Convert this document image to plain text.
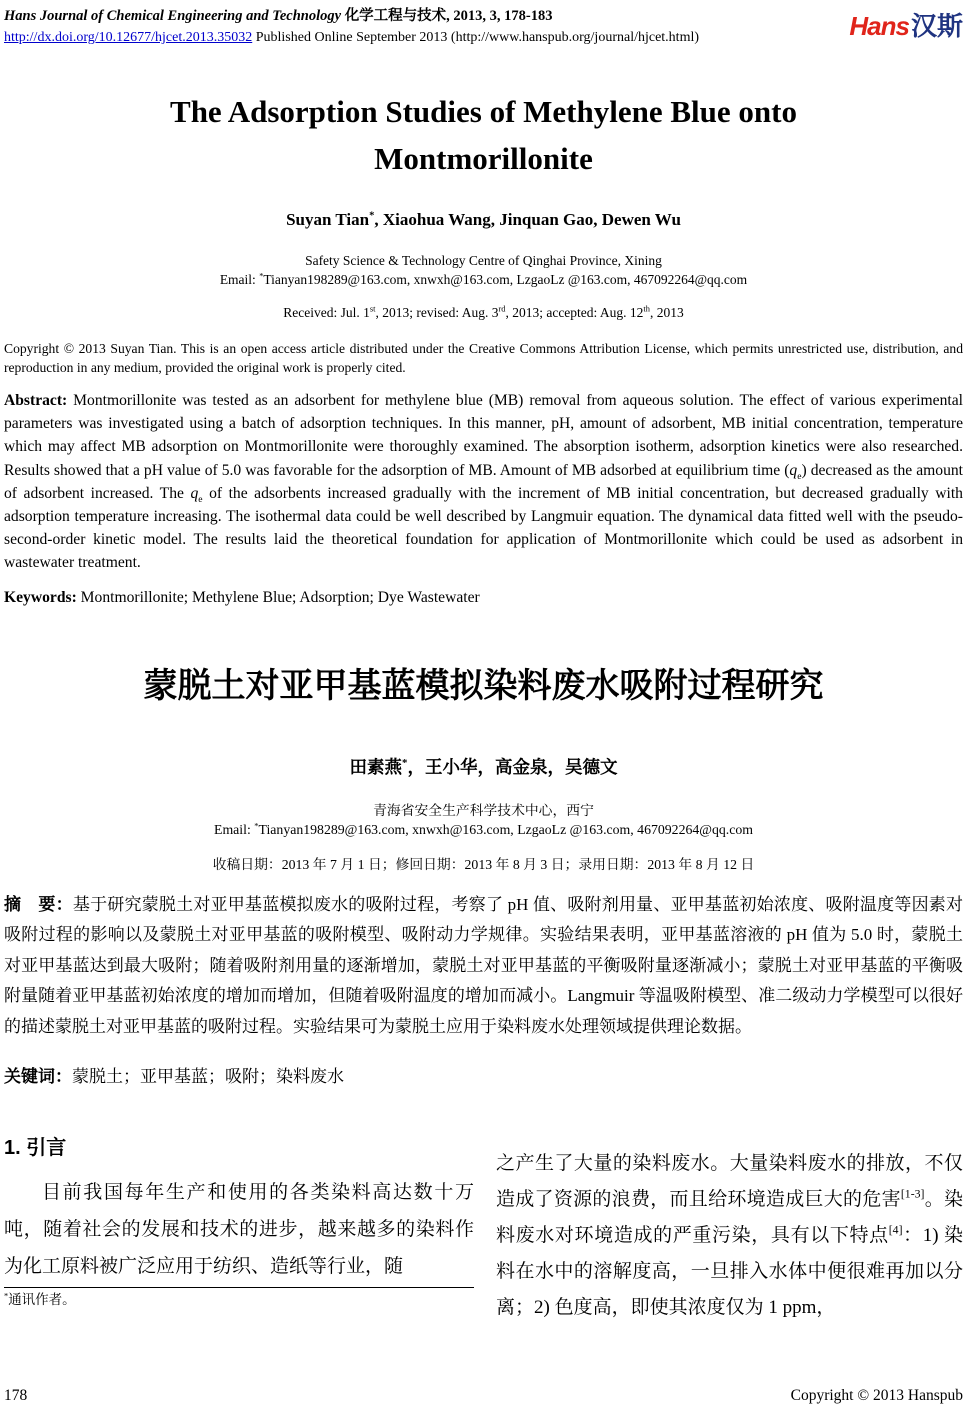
Hans Journal of Chemical Engineering and Technology 化学工程与技术, 2013, 3, 178-183
http://dx.doi.org/10.12677/hjcet.2013.35032 Published Online September 2013 (http://www.hanspub.org/journal/hjcet.html)	Hans汉斯
The Adsorption Studies of Methylene Blue onto
Montmorillonite
Suyan Tian*, Xiaohua Wang, Jinquan Gao, Dewen Wu
Safety Science & Technology Centre of Qinghai Province, Xining
Email: *Tianyan198289@163.com, xnwxh@163.com, LzgaoLz @163.com, 467092264@qq.com
Received: Jul. 1st, 2013; revised: Aug. 3rd, 2013; accepted: Aug. 12th, 2013
Copyright © 2013 Suyan Tian. This is an open access article distributed under the Creative Commons Attribution License, which permits unrestricted use, distribution, and reproduction in any medium, provided the original work is properly cited.
Abstract: Montmorillonite was tested as an adsorbent for methylene blue (MB) removal from aqueous solution. The effect of various experimental parameters was investigated using a batch of adsorption techniques. In this manner, pH, amount of adsorbent, MB initial concentration, temperature which may affect MB adsorption on Montmorillonite were thoroughly examined. The absorption isotherm, adsorption kinetics were also researched. Results showed that a pH value of 5.0 was favorable for the adsorption of MB. Amount of MB adsorbed at equilibrium time $(q_e)$ decreased as the amount of adsorbent increased. The $q_e$ of the adsorbents increased gradually with the increment of MB initial concentration, but decreased gradually with adsorption temperature increasing. The isothermal data could be well described by Langmuir equation. The dynamical data fitted well with the pseudo-second-order kinetic model. The results laid the theoretical foundation for application of Montmorillonite which could be used as adsorbent in wastewater treatment.
Keywords: Montmorillonite; Methylene Blue; Adsorption; Dye Wastewater
蒙脱土对亚甲基蓝模拟染料废水吸附过程研究
田素燕*，王小华，高金泉，吴德文
青海省安全生产科学技术中心，西宁
Email: *Tianyan198289@163.com, xnwxh@163.com, LzgaoLz @163.com, 467092264@qq.com
收稿日期：2013 年 7 月 1 日；修回日期：2013 年 8 月 3 日；录用日期：2013 年 8 月 12 日
摘　要：基于研究蒙脱土对亚甲基蓝模拟废水的吸附过程，考察了 pH 值、吸附剂用量、亚甲基蓝初始浓度、吸附温度等因素对吸附过程的影响以及蒙脱土对亚甲基蓝的吸附模型、吸附动力学规律。实验结果表明，亚甲基蓝溶液的 pH 值为 5.0 时，蒙脱土对亚甲基蓝达到最大吸附；随着吸附剂用量的逐渐增加，蒙脱土对亚甲基蓝的平衡吸附量逐渐减小；蒙脱土对亚甲基蓝的平衡吸附量随着亚甲基蓝初始浓度的增加而增加，但随着吸附温度的增加而减小。Langmuir 等温吸附模型、准二级动力学模型可以很好的描述蒙脱土对亚甲基蓝的吸附过程。实验结果可为蒙脱土应用于染料废水处理领域提供理论数据。
关键词：蒙脱土；亚甲基蓝；吸附；染料废水
1. 引言
目前我国每年生产和使用的各类染料高达数十万吨，随着社会的发展和技术的进步，越来越多的染料作为化工原料被广泛应用于纺织、造纸等行业，随
*通讯作者。
之产生了大量的染料废水。大量染料废水的排放，不仅造成了资源的浪费，而且给环境造成巨大的危害[1-3]。染料废水对环境造成的严重污染，具有以下特点[4]：1) 染料在水中的溶解度高，一旦排入水体中便很难再加以分离；2) 色度高，即使其浓度仅为 1 ppm，
178	Copyright © 2013 Hanspub
